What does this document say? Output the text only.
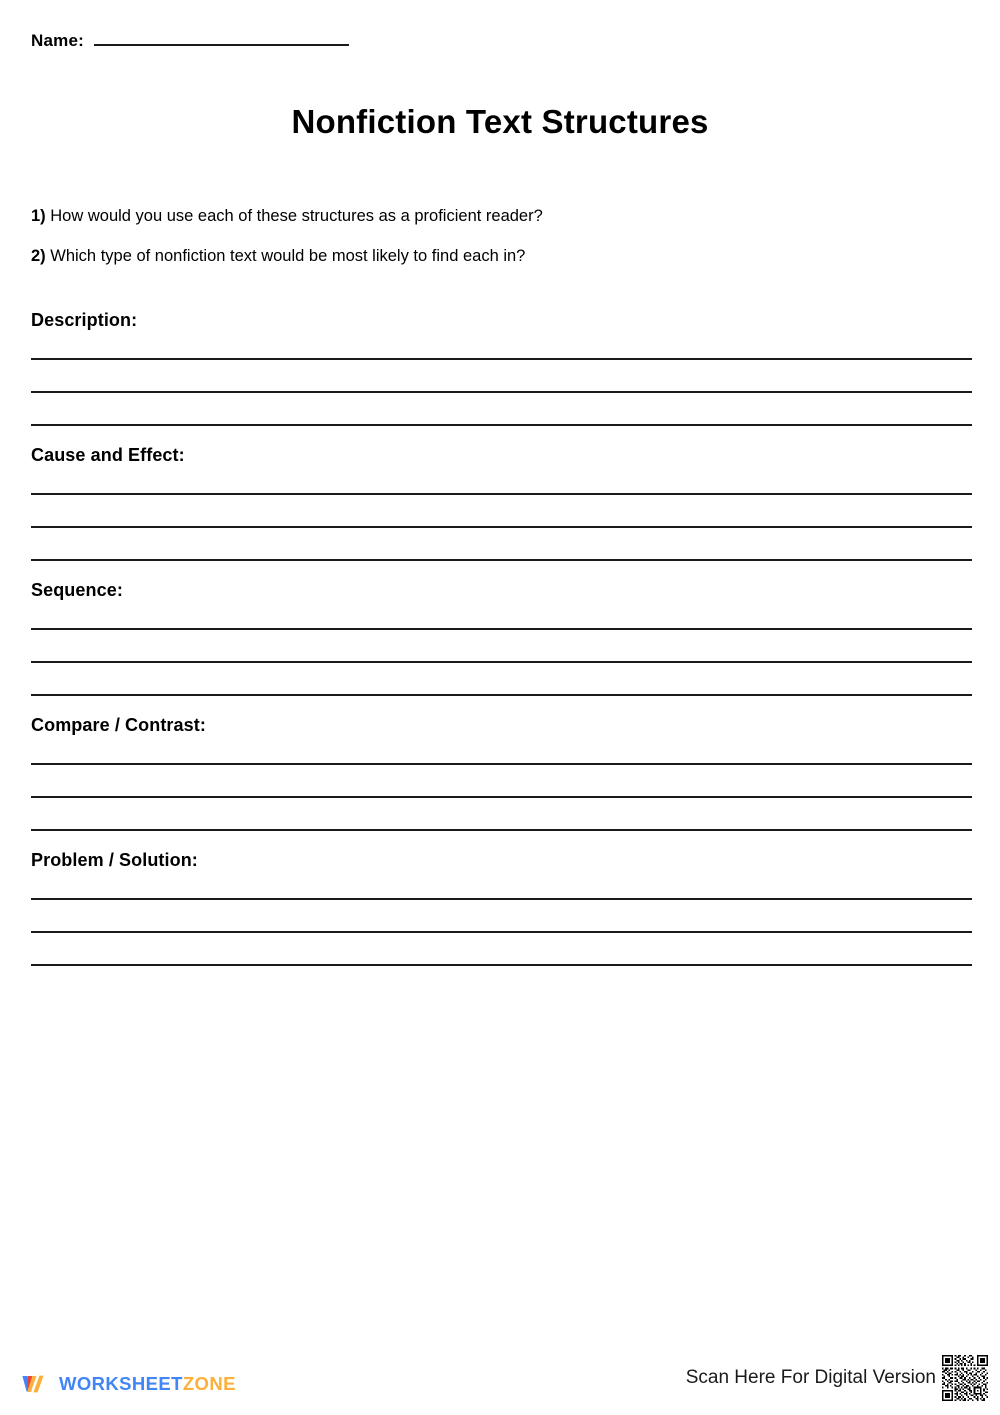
Name:
Nonfiction Text Structures
1) How would you use each of these structures as a proficient reader?
2) Which type of nonfiction text would be most likely to find each in?
Description:
Cause and Effect:
Sequence:
Compare / Contrast:
Problem / Solution:
WORKSHEETZONE	Scan Here For Digital Version
